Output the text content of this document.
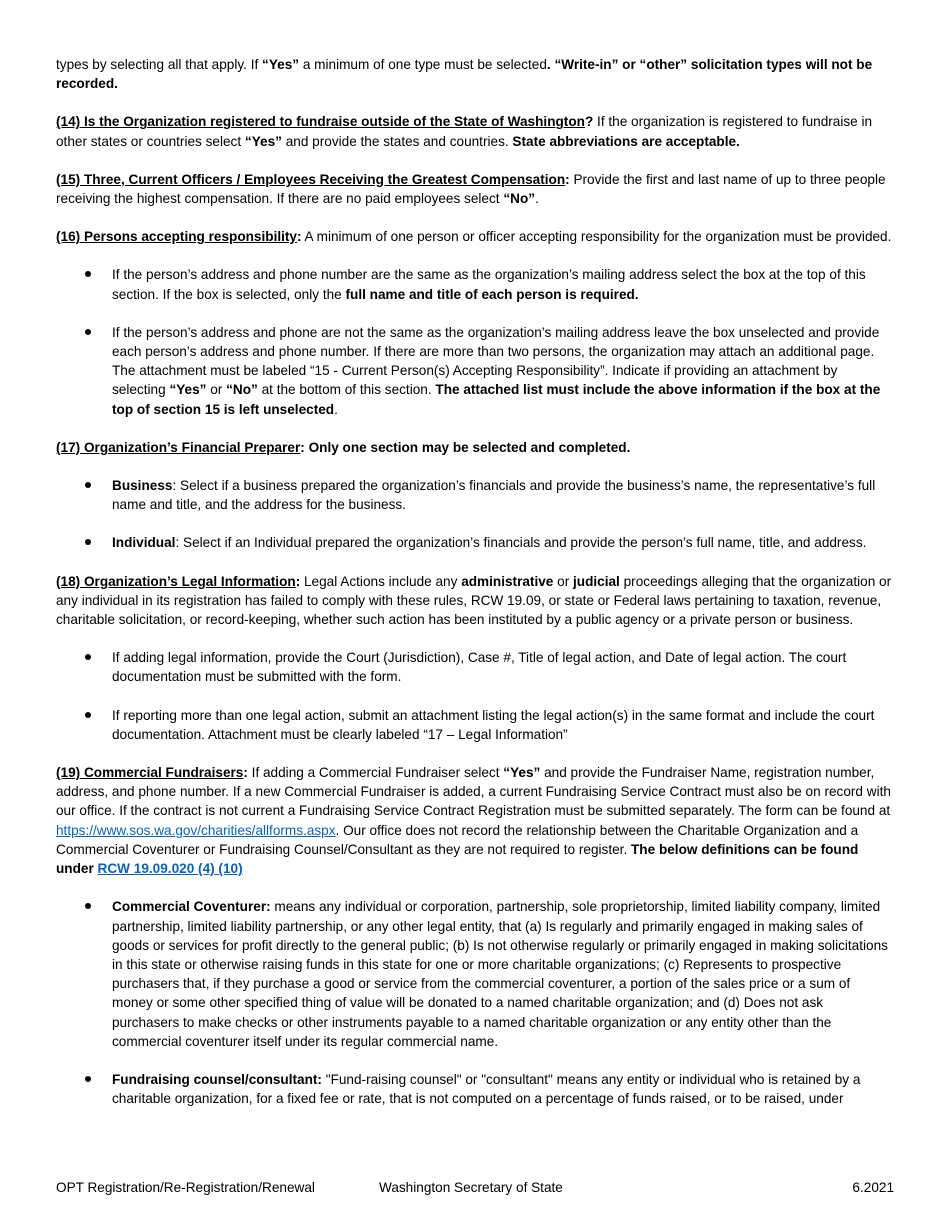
types by selecting all that apply. If “Yes” a minimum of one type must be selected. “Write-in” or “other” solicitation types will not be recorded.

(14) Is the Organization registered to fundraise outside of the State of Washington? If the organization is registered to fundraise in other states or countries select “Yes” and provide the states and countries. State abbreviations are acceptable.

(15) Three, Current Officers / Employees Receiving the Greatest Compensation: Provide the first and last name of up to three people receiving the highest compensation. If there are no paid employees select “No”.

(16) Persons accepting responsibility: A minimum of one person or officer accepting responsibility for the organization must be provided.

If the person’s address and phone number are the same as the organization’s mailing address select the box at the top of this section. If the box is selected, only the full name and title of each person is required.
If the person’s address and phone are not the same as the organization’s mailing address leave the box unselected and provide each person’s address and phone number. If there are more than two persons, the organization may attach an additional page. The attachment must be labeled “15 - Current Person(s) Accepting Responsibility”. Indicate if providing an attachment by selecting “Yes” or “No” at the bottom of this section. The attached list must include the above information if the box at the top of section 15 is left unselected.

(17) Organization’s Financial Preparer: Only one section may be selected and completed.

Business: Select if a business prepared the organization’s financials and provide the business’s name, the representative’s full name and title, and the address for the business.
Individual: Select if an Individual prepared the organization’s financials and provide the person’s full name, title, and address.

(18) Organization’s Legal Information: Legal Actions include any administrative or judicial proceedings alleging that the organization or any individual in its registration has failed to comply with these rules, RCW 19.09, or state or Federal laws pertaining to taxation, revenue, charitable solicitation, or record-keeping, whether such action has been instituted by a public agency or a private person or business.

If adding legal information, provide the Court (Jurisdiction), Case #, Title of legal action, and Date of legal action. The court documentation must be submitted with the form.
If reporting more than one legal action, submit an attachment listing the legal action(s) in the same format and include the court documentation. Attachment must be clearly labeled “17 – Legal Information”

(19) Commercial Fundraisers: If adding a Commercial Fundraiser select “Yes” and provide the Fundraiser Name, registration number, address, and phone number. If a new Commercial Fundraiser is added, a current Fundraising Service Contract must also be on record with our office. If the contract is not current a Fundraising Service Contract Registration must be submitted separately. The form can be found at https://www.sos.wa.gov/charities/allforms.aspx. Our office does not record the relationship between the Charitable Organization and a Commercial Coventurer or Fundraising Counsel/Consultant as they are not required to register. The below definitions can be found under RCW 19.09.020 (4) (10)

Commercial Coventurer: means any individual or corporation, partnership, sole proprietorship, limited liability company, limited partnership, limited liability partnership, or any other legal entity, that (a) Is regularly and primarily engaged in making sales of goods or services for profit directly to the general public; (b) Is not otherwise regularly or primarily engaged in making solicitations in this state or otherwise raising funds in this state for one or more charitable organizations; (c) Represents to prospective purchasers that, if they purchase a good or service from the commercial coventurer, a portion of the sales price or a sum of money or some other specified thing of value will be donated to a named charitable organization; and (d) Does not ask purchasers to make checks or other instruments payable to a named charitable organization or any entity other than the commercial coventurer itself under its regular commercial name.
Fundraising counsel/consultant: "Fund-raising counsel" or "consultant" means any entity or individual who is retained by a charitable organization, for a fixed fee or rate, that is not computed on a percentage of funds raised, or to be raised, under
OPT Registration/Re-Registration/Renewal	Washington Secretary of State	6.2021
